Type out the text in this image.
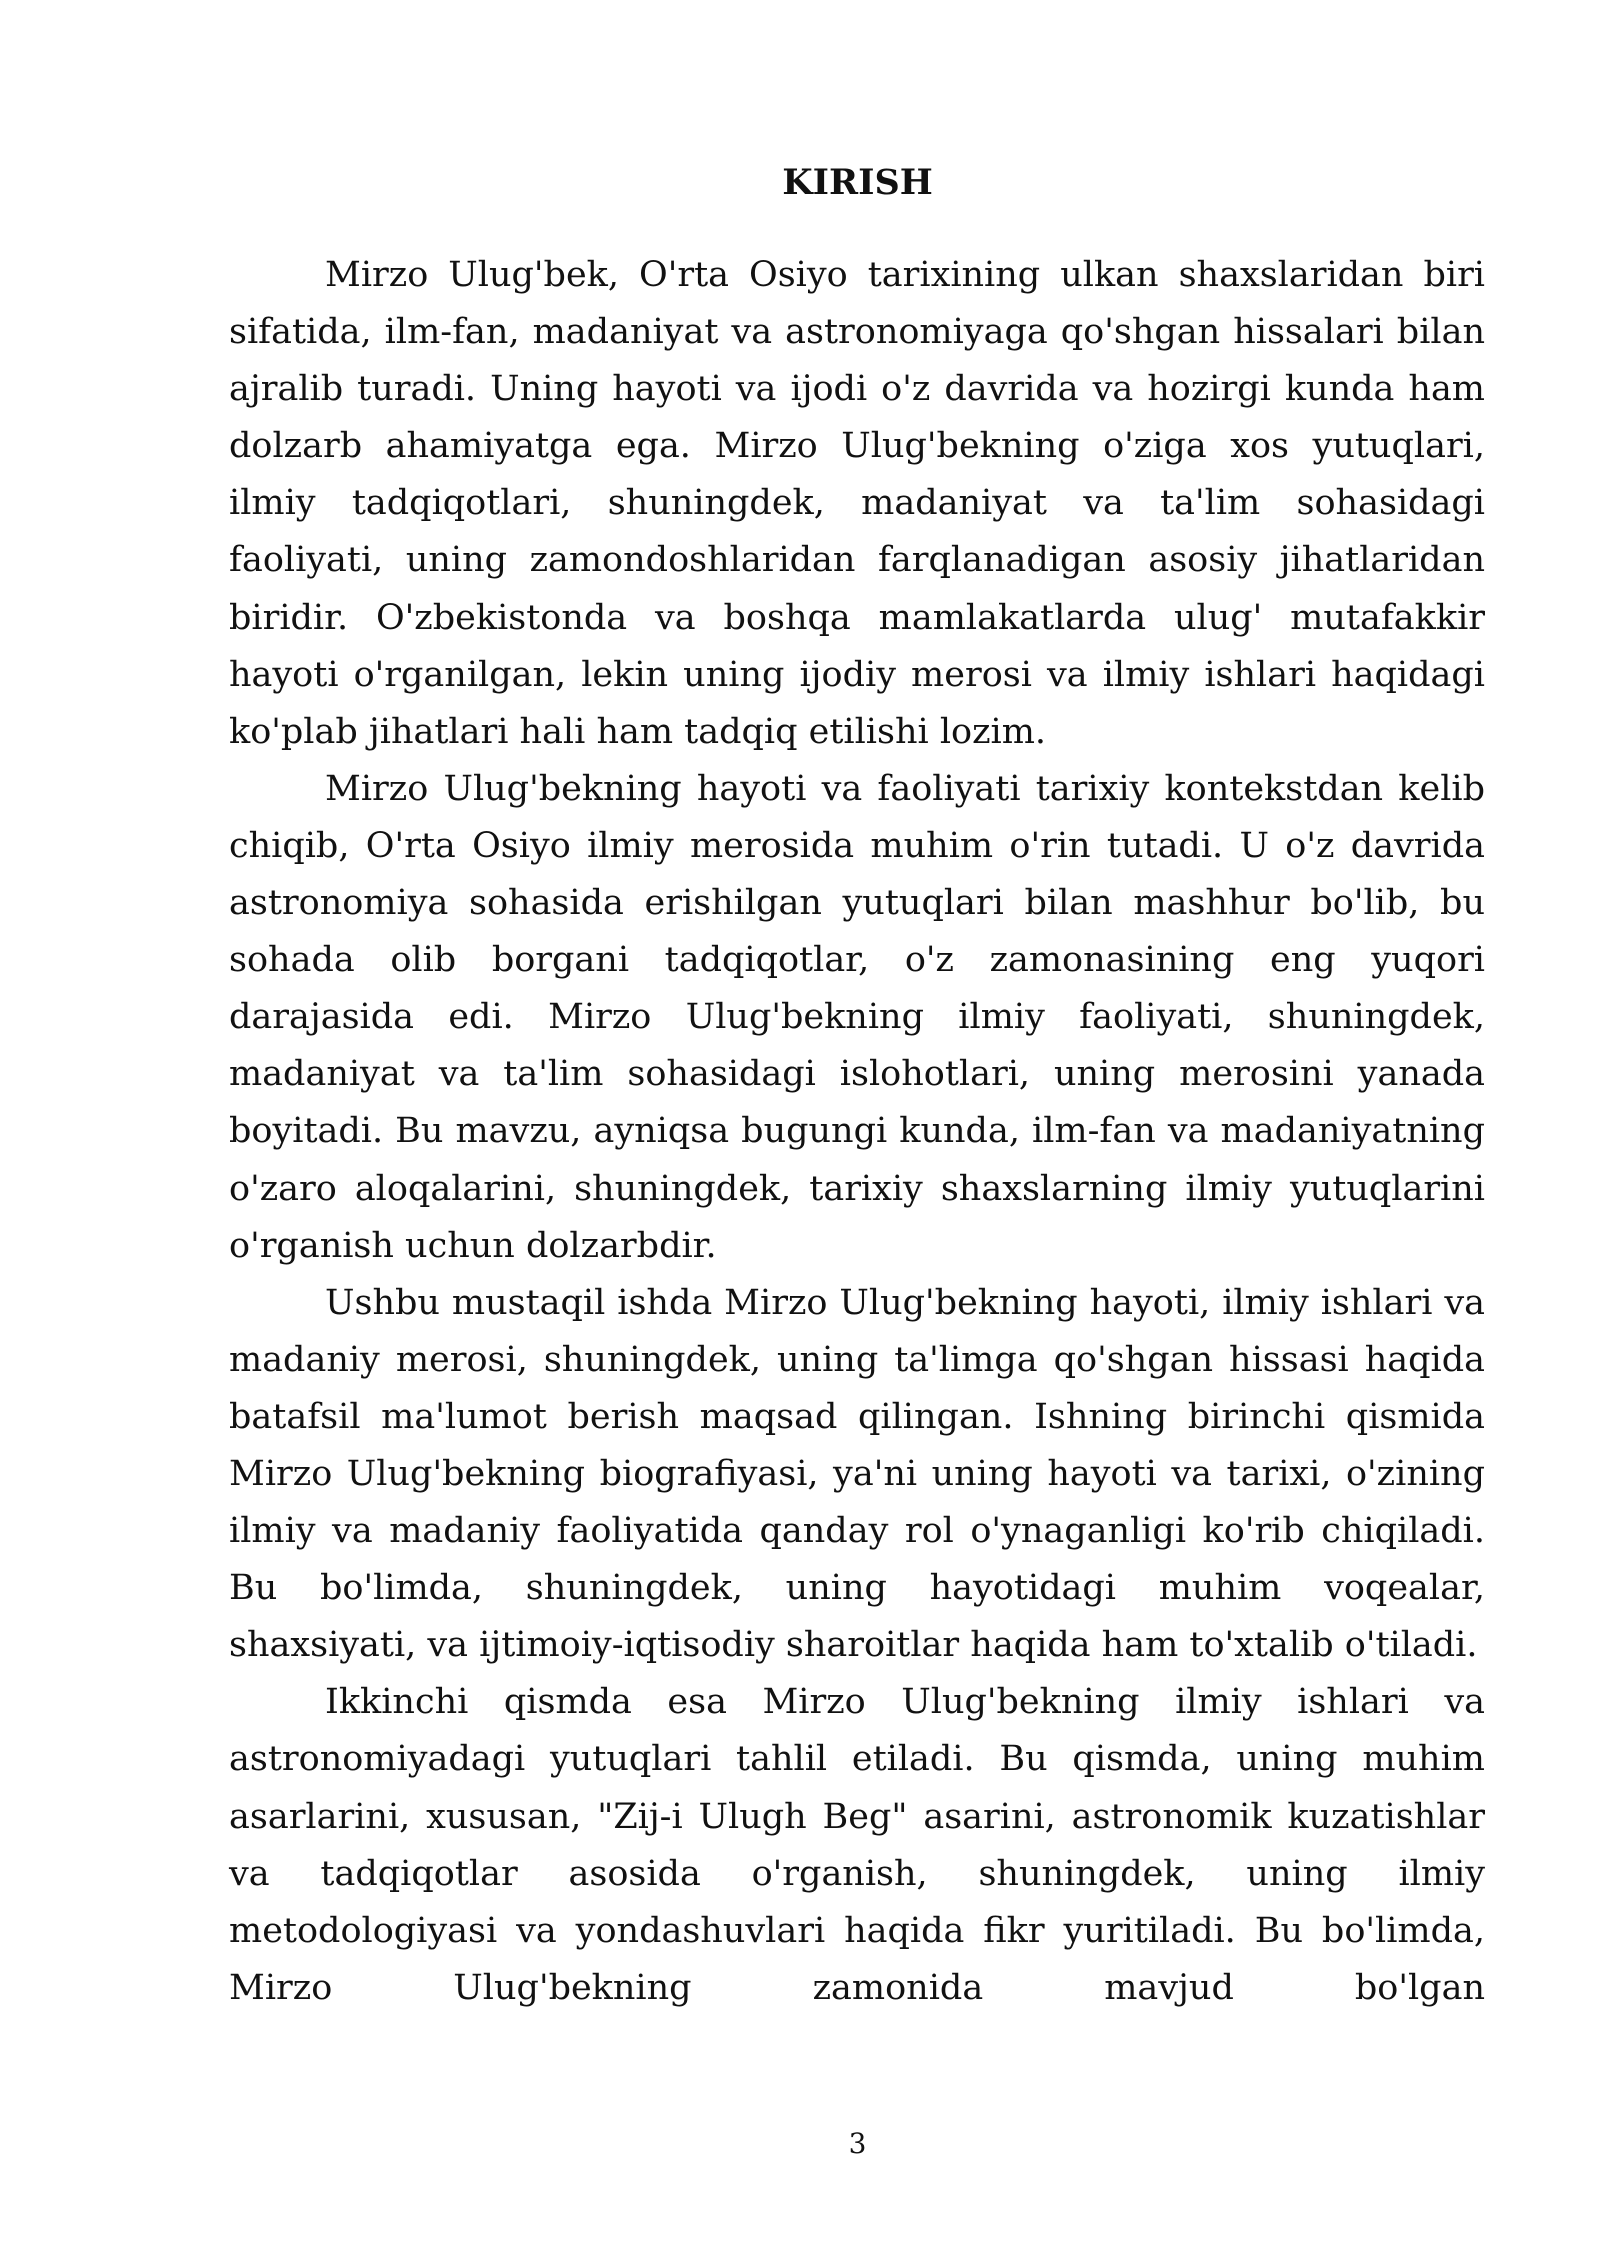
KIRISH

Mirzo Ulug'bek, O'rta Osiyo tarixining ulkan shaxslaridan biri sifatida, ilm-fan, madaniyat va astronomiyaga qo'shgan hissalari bilan ajralib turadi. Uning hayoti va ijodi o'z davrida va hozirgi kunda ham dolzarb ahamiyatga ega. Mirzo Ulug'bekning o'ziga xos yutuqlari, ilmiy tadqiqotlari, shuningdek, madaniyat va ta'lim sohasidagi faoliyati, uning zamondoshlaridan farqlanadigan asosiy jihatlaridan biridir. O'zbekistonda va boshqa mamlakatlarda ulug' mutafakkir hayoti o'rganilgan, lekin uning ijodiy merosi va ilmiy ishlari haqidagi ko'plab jihatlari hali ham tadqiq etilishi lozim.

Mirzo Ulug'bekning hayoti va faoliyati tarixiy kontekstdan kelib chiqib, O'rta Osiyo ilmiy merosida muhim o'rin tutadi. U o'z davrida astronomiya sohasida erishilgan yutuqlari bilan mashhur bo'lib, bu sohada olib borgani tadqiqotlar, o'z zamonasining eng yuqori darajasida edi. Mirzo Ulug'bekning ilmiy faoliyati, shuningdek, madaniyat va ta'lim sohasidagi islohotlari, uning merosini yanada boyitadi. Bu mavzu, ayniqsa bugungi kunda, ilm-fan va madaniyatning o'zaro aloqalarini, shuningdek, tarixiy shaxslarning ilmiy yutuqlarini o'rganish uchun dolzarbdir.

Ushbu mustaqil ishda Mirzo Ulug'bekning hayoti, ilmiy ishlari va madaniy merosi, shuningdek, uning ta'limga qo'shgan hissasi haqida batafsil ma'lumot berish maqsad qilingan. Ishning birinchi qismida Mirzo Ulug'bekning biografiyasi, ya'ni uning hayoti va tarixi, o'zining ilmiy va madaniy faoliyatida qanday rol o'ynaganligi ko'rib chiqiladi. Bu bo'limda, shuningdek, uning hayotidagi muhim voqealar, shaxsiyati, va ijtimoiy-iqtisodiy sharoitlar haqida ham to'xtalib o'tiladi.

Ikkinchi qismda esa Mirzo Ulug'bekning ilmiy ishlari va astronomiyadagi yutuqlari tahlil etiladi. Bu qismda, uning muhim asarlarini, xususan, "Zij-i Ulugh Beg" asarini, astronomik kuzatishlar va tadqiqotlar asosida o'rganish, shuningdek, uning ilmiy metodologiyasi va yondashuvlari haqida fikr yuritiladi. Bu bo'limda, Mirzo Ulug'bekning zamonida mavjud bo'lgan

3
